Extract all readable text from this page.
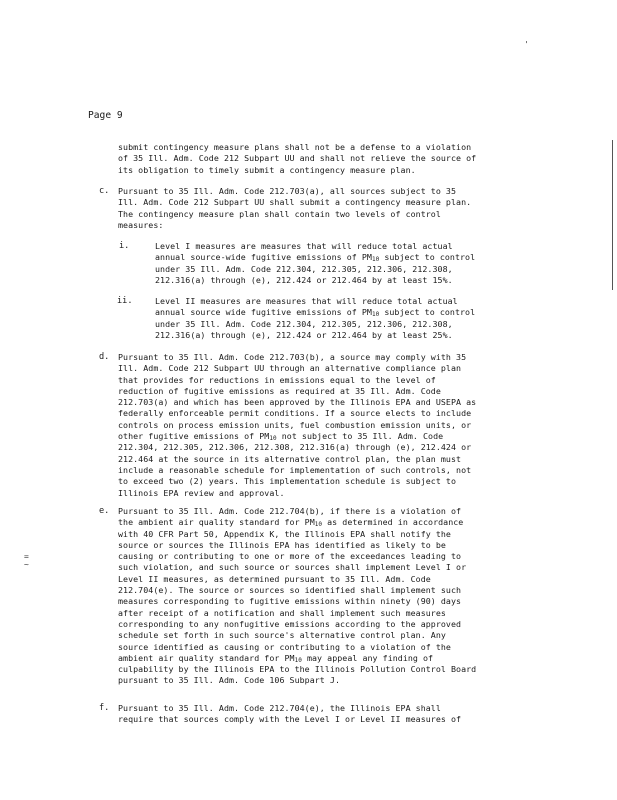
'
Page 9
=
~
submit contingency measure plans shall not be a defense to a violation
of 35 Ill. Adm. Code 212 Subpart UU and shall not relieve the source of
its obligation to timely submit a contingency measure plan.
c. Pursuant to 35 Ill. Adm. Code 212.703(a), all sources subject to 35
Ill. Adm. Code 212 Subpart UU shall submit a contingency measure plan.
The contingency measure plan shall contain two levels of control
measures:
i.	Level I measures are measures that will reduce total actual
annual source-wide fugitive emissions of $PM_{10}$ subject to control
under 35 Ill. Adm. Code 212.304, 212.305, 212.306, 212.308,
212.316(a) through (e), 212.424 or 212.464 by at least 15%.
ii.	Level II measures are measures that will reduce total actual
annual source wide fugitive emissions of $PM_{10}$ subject to control
under 35 Ill. Adm. Code 212.304, 212.305, 212.306, 212.308,
212.316(a) through (e), 212.424 or 212.464 by at least 25%.
d. Pursuant to 35 Ill. Adm. Code 212.703(b), a source may comply with 35
Ill. Adm. Code 212 Subpart UU through an alternative compliance plan
that provides for reductions in emissions equal to the level of
reduction of fugitive emissions as required at 35 Ill. Adm. Code
212.703(a) and which has been approved by the Illinois EPA and USEPA as
federally enforceable permit conditions. If a source elects to include
controls on process emission units, fuel combustion emission units, or
other fugitive emissions of $PM_{10}$ not subject to 35 Ill. Adm. Code
212.304, 212.305, 212.306, 212.308, 212.316(a) through (e), 212.424 or
212.464 at the source in its alternative control plan, the plan must
include a reasonable schedule for implementation of such controls, not
to exceed two (2) years. This implementation schedule is subject to
Illinois EPA review and approval.
e. Pursuant to 35 Ill. Adm. Code 212.704(b), if there is a violation of
the ambient air quality standard for $PM_{10}$ as determined in accordance
with 40 CFR Part 50, Appendix K, the Illinois EPA shall notify the
source or sources the Illinois EPA has identified as likely to be
causing or contributing to one or more of the exceedances leading to
such violation, and such source or sources shall implement Level I or
Level II measures, as determined pursuant to 35 Ill. Adm. Code
212.704(e). The source or sources so identified shall implement such
measures corresponding to fugitive emissions within ninety (90) days
after receipt of a notification and shall implement such measures
corresponding to any nonfugitive emissions according to the approved
schedule set forth in such source's alternative control plan. Any
source identified as causing or contributing to a violation of the
ambient air quality standard for $PM_{10}$ may appeal any finding of
culpability by the Illinois EPA to the Illinois Pollution Control Board
pursuant to 35 Ill. Adm. Code 106 Subpart J.
f. Pursuant to 35 Ill. Adm. Code 212.704(e), the Illinois EPA shall
require that sources comply with the Level I or Level II measures of
